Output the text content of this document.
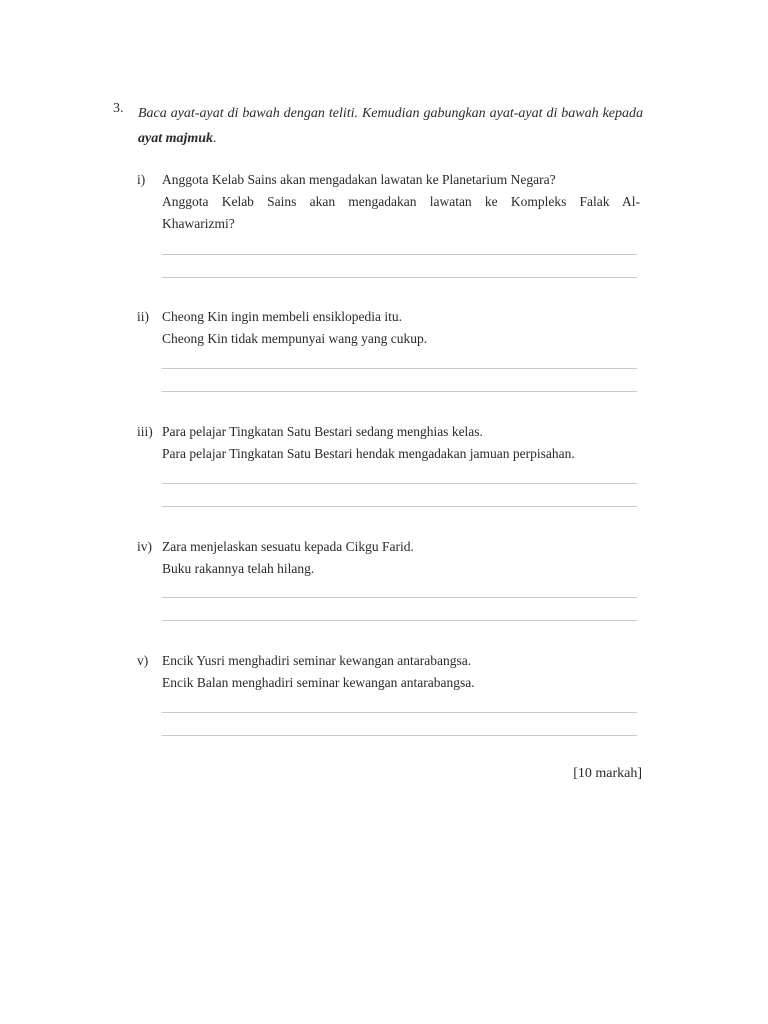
3. Baca ayat-ayat di bawah dengan teliti. Kemudian gabungkan ayat-ayat di bawah kepada ayat majmuk.
i) Anggota Kelab Sains akan mengadakan lawatan ke Planetarium Negara?
Anggota Kelab Sains akan mengadakan lawatan ke Kompleks Falak Al-
Khawarizmi?
ii) Cheong Kin ingin membeli ensiklopedia itu.
Cheong Kin tidak mempunyai wang yang cukup.
iii) Para pelajar Tingkatan Satu Bestari sedang menghias kelas.
Para pelajar Tingkatan Satu Bestari hendak mengadakan jamuan perpisahan.
iv) Zara menjelaskan sesuatu kepada Cikgu Farid.
Buku rakannya telah hilang.
v) Encik Yusri menghadiri seminar kewangan antarabangsa.
Encik Balan menghadiri seminar kewangan antarabangsa.
[10 markah]
